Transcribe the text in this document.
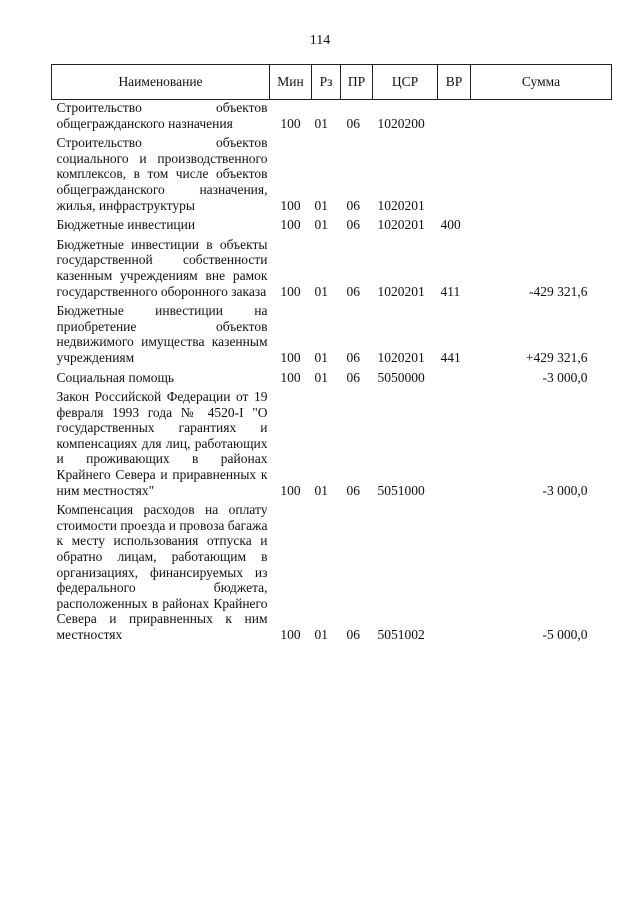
114
Наименование	Мин	Рз	ПР	ЦСР	ВР	Сумма
Строительство объектов общегражданского назначения	100	01	06	1020200		
Строительство объектов социального и производственного комплексов, в том числе объектов общегражданского назначения, жилья, инфраструктуры	100	01	06	1020201		
Бюджетные инвестиции	100	01	06	1020201	400	
Бюджетные инвестиции в объекты государственной собственности казенным учреждениям вне рамок государственного оборонного заказа	100	01	06	1020201	411	-429 321,6
Бюджетные инвестиции на приобретение объектов недвижимого имущества казенным учреждениям	100	01	06	1020201	441	+429 321,6
Социальная помощь	100	01	06	5050000		-3 000,0
Закон Российской Федерации от 19 февраля 1993 года № 4520-I "О государственных гарантиях и компенсациях для лиц, работающих и проживающих в районах Крайнего Севера и приравненных к ним местностях"	100	01	06	5051000		-3 000,0
Компенсация расходов на оплату стоимости проезда и провоза багажа к месту использования отпуска и обратно лицам, работающим в организациях, финансируемых из федерального бюджета, расположенных в районах Крайнего Севера и приравненных к ним местностях	100	01	06	5051002		-5 000,0
